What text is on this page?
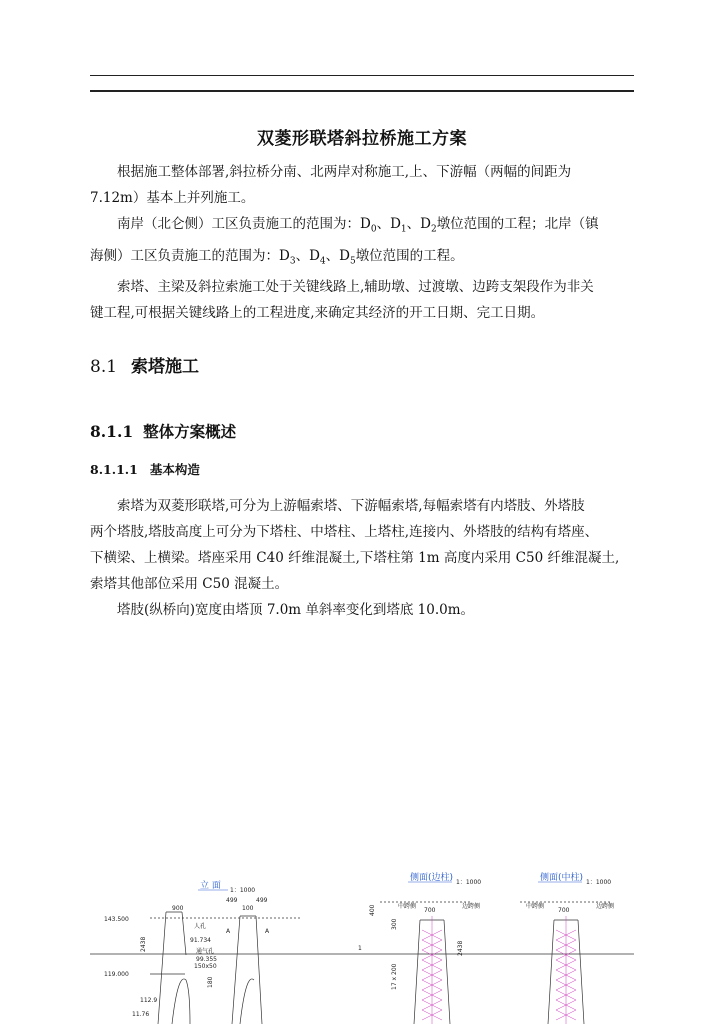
双菱形联塔斜拉桥施工方案

根据施工整体部署,斜拉桥分南、北两岸对称施工,上、下游幅（两幅的间距为

7.12m）基本上并列施工。

南岸（北仑侧）工区负责施工的范围为：$D_0$、$D_1$、$D_2$墩位范围的工程；北岸（镇

海侧）工区负责施工的范围为：$D_3$、$D_4$、$D_5$墩位范围的工程。

索塔、主梁及斜拉索施工处于关键线路上,辅助墩、过渡墩、边跨支架段作为非关

键工程,可根据关键线路上的工程进度,来确定其经济的开工日期、完工日期。

8.1 索塔施工
8.1.1 整体方案概述
8.1.1.1 基本构造

索塔为双菱形联塔,可分为上游幅索塔、下游幅索塔,每幅索塔有内塔肢、外塔肢

两个塔肢,塔肢高度上可分为下塔柱、中塔柱、上塔柱,连接内、外塔肢的结构有塔座、

下横梁、上横梁。塔座采用 C40 纤维混凝土,下塔柱第 1m 高度内采用 C50 纤维混凝土,

索塔其他部位采用 C50 混凝土。

塔肢(纵桥向)宽度由塔顶 7.0m 单斜率变化到塔底 10.0m。

立 面 1：1000
900
499	499
100
143.500
2438
A	A
人孔
91.734
通气孔
99.355
150x50
119.000
180
112.9
11.76
侧面(边柱) 1：1000
1
中跨侧	边跨侧
700
2438
17 x 200
400
300
侧面(中柱) 1：1000
中跨侧	边跨侧
700
